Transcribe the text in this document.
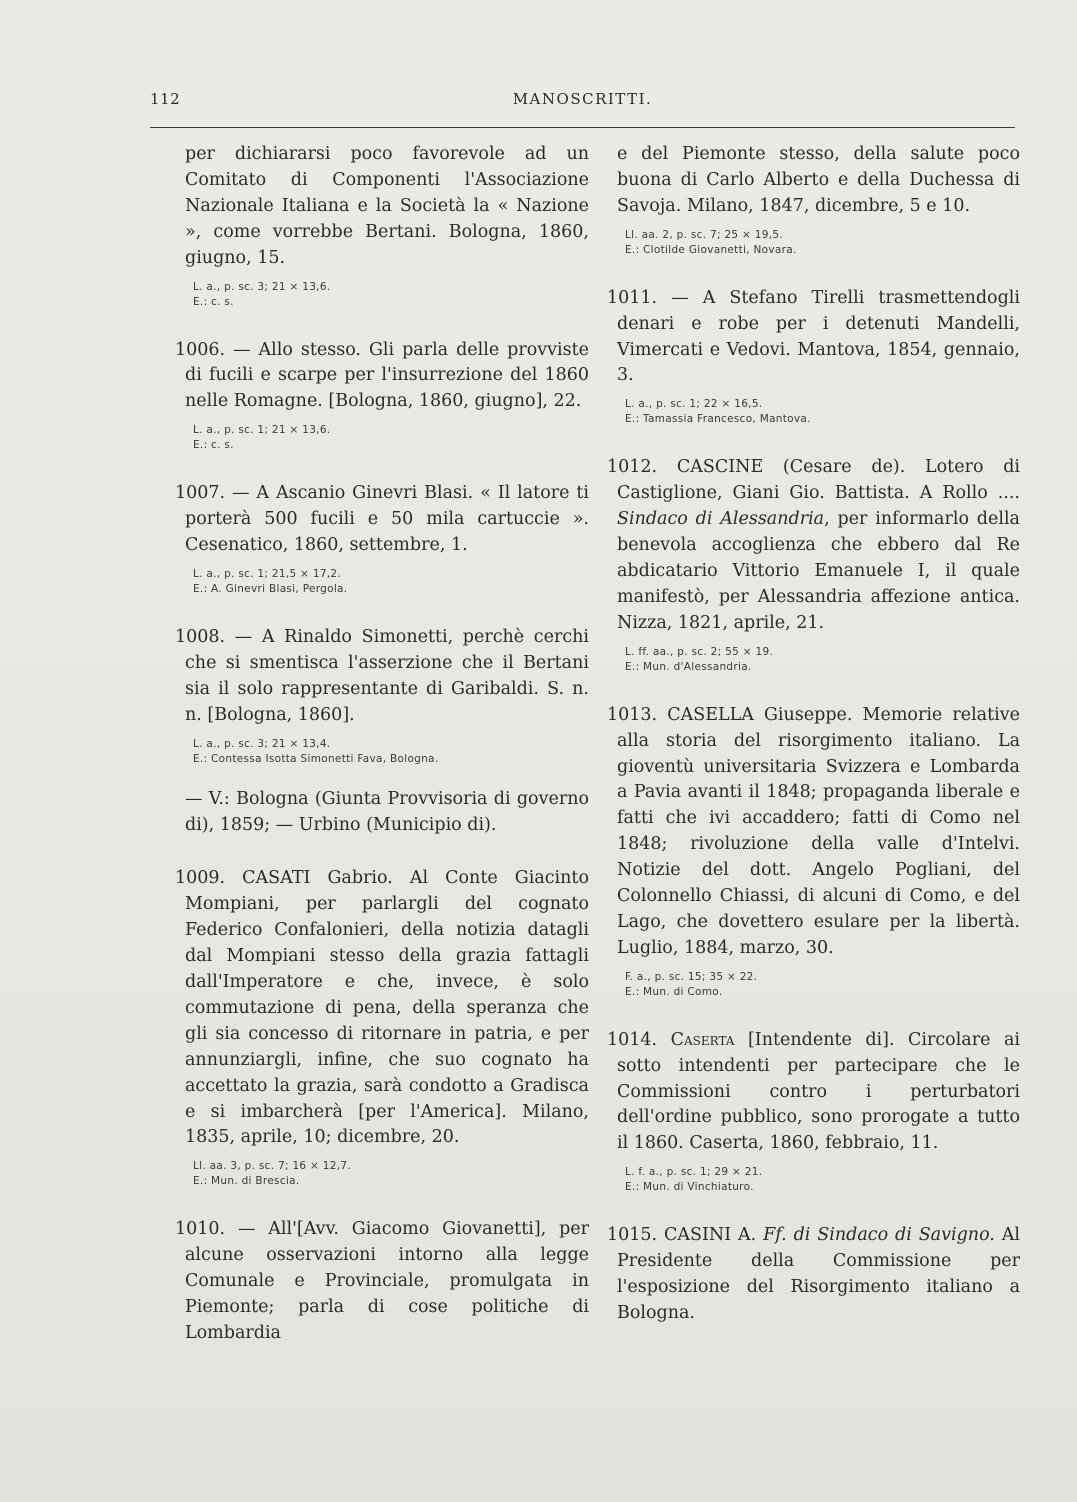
112	MANOSCRITTI.

per dichiararsi poco favorevole ad un Comitato di Componenti l'Associazione Nazionale Italiana e la Società la « Nazione », come vorrebbe Bertani. Bologna, 1860, giugno, 15.

L. a., p. sc. 3; 21 × 13,6.
E.: c. s.

1006. — Allo stesso. Gli parla delle provviste di fucili e scarpe per l'insurrezione del 1860 nelle Romagne. [Bologna, 1860, giugno], 22.

L. a., p. sc. 1; 21 × 13,6.
E.: c. s.

1007. — A Ascanio Ginevri Blasi. « Il latore ti porterà 500 fucili e 50 mila cartuccie ». Cesenatico, 1860, settembre, 1.

L. a., p. sc. 1; 21,5 × 17,2.
E.: A. Ginevri Blasi, Pergola.

1008. — A Rinaldo Simonetti, perchè cerchi che si smentisca l'asserzione che il Bertani sia il solo rappresentante di Garibaldi. S. n. n. [Bologna, 1860].

L. a., p. sc. 3; 21 × 13,4.
E.: Contessa Isotta Simonetti Fava, Bologna.

— V.: Bologna (Giunta Provvisoria di governo di), 1859; — Urbino (Municipio di).

1009. CASATI Gabrio. Al Conte Giacinto Mompiani, per parlargli del cognato Federico Confalonieri, della notizia datagli dal Mompiani stesso della grazia fattagli dall'Imperatore e che, invece, è solo commutazione di pena, della speranza che gli sia concesso di ritornare in patria, e per annunziargli, infine, che suo cognato ha accettato la grazia, sarà condotto a Gradisca e si imbarcherà [per l'America]. Milano, 1835, aprile, 10; dicembre, 20.

Ll. aa. 3, p. sc. 7; 16 × 12,7.
E.: Mun. di Brescia.

1010. — All'[Avv. Giacomo Giovanetti], per alcune osservazioni intorno alla legge Comunale e Provinciale, promulgata in Piemonte; parla di cose politiche di Lombardia

e del Piemonte stesso, della salute poco buona di Carlo Alberto e della Duchessa di Savoja. Milano, 1847, dicembre, 5 e 10.

Ll. aa. 2, p. sc. 7; 25 × 19,5.
E.: Clotilde Giovanetti, Novara.

1011. — A Stefano Tirelli trasmettendogli denari e robe per i detenuti Mandelli, Vimercati e Vedovi. Mantova, 1854, gennaio, 3.

L. a., p. sc. 1; 22 × 16,5.
E.: Tamassia Francesco, Mantova.

1012. CASCINE (Cesare de). Lotero di Castiglione, Giani Gio. Battista. A Rollo .... Sindaco di Alessandria, per informarlo della benevola accoglienza che ebbero dal Re abdicatario Vittorio Emanuele I, il quale manifestò, per Alessandria affezione antica. Nizza, 1821, aprile, 21.

L. ff. aa., p. sc. 2; 55 × 19.
E.: Mun. d'Alessandria.

1013. CASELLA Giuseppe. Memorie relative alla storia del risorgimento italiano. La gioventù universitaria Svizzera e Lombarda a Pavia avanti il 1848; propaganda liberale e fatti che ivi accaddero; fatti di Como nel 1848; rivoluzione della valle d'Intelvi. Notizie del dott. Angelo Pogliani, del Colonnello Chiassi, di alcuni di Como, e del Lago, che dovettero esulare per la libertà. Luglio, 1884, marzo, 30.

F. a., p. sc. 15; 35 × 22.
E.: Mun. di Como.

1014. Caserta [Intendente di]. Circolare ai sotto intendenti per partecipare che le Commissioni contro i perturbatori dell'ordine pubblico, sono prorogate a tutto il 1860. Caserta, 1860, febbraio, 11.

L. f. a., p. sc. 1; 29 × 21.
E.: Mun. di Vinchiaturo.

1015. CASINI A. Ff. di Sindaco di Savigno. Al Presidente della Commissione per l'esposizione del Risorgimento italiano a Bologna.
